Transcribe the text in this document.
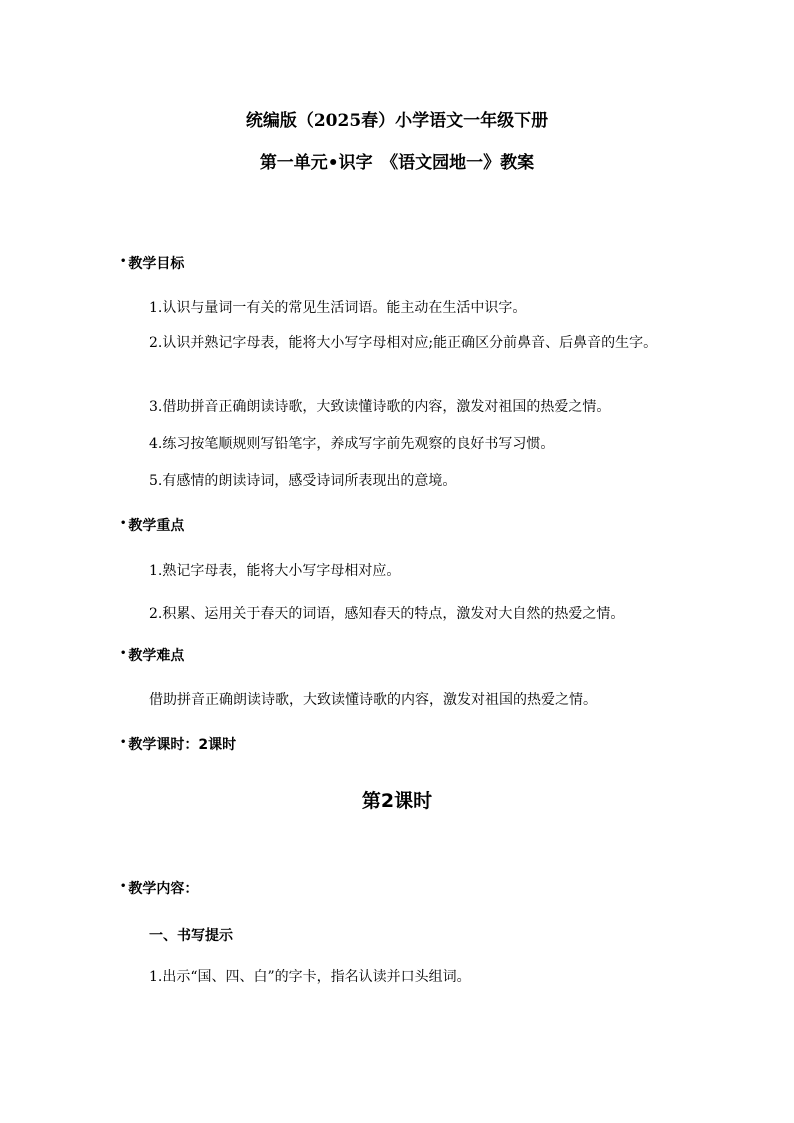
统编版（2025春）小学语文一年级下册
第一单元•识字　《语文园地一》教案
• 教学目标
1.认识与量词一有关的常见生活词语。能主动在生活中识字。
2.认识并熟记字母表，能将大小写字母相对应;能正确区分前鼻音、后鼻音的生字。
3.借助拼音正确朗读诗歌，大致读懂诗歌的内容，激发对祖国的热爱之情。
4.练习按笔顺规则写铅笔字，养成写字前先观察的良好书写习惯。
5.有感情的朗读诗词，感受诗词所表现出的意境。
• 教学重点
1.熟记字母表，能将大小写字母相对应。
2.积累、运用关于春天的词语，感知春天的特点，激发对大自然的热爱之情。
• 教学难点
借助拼音正确朗读诗歌，大致读懂诗歌的内容，激发对祖国的热爱之情。
• 教学课时：2课时
第2课时
• 教学内容：
一、书写提示
1.出示“国、四、白”的字卡，指名认读并口头组词。
